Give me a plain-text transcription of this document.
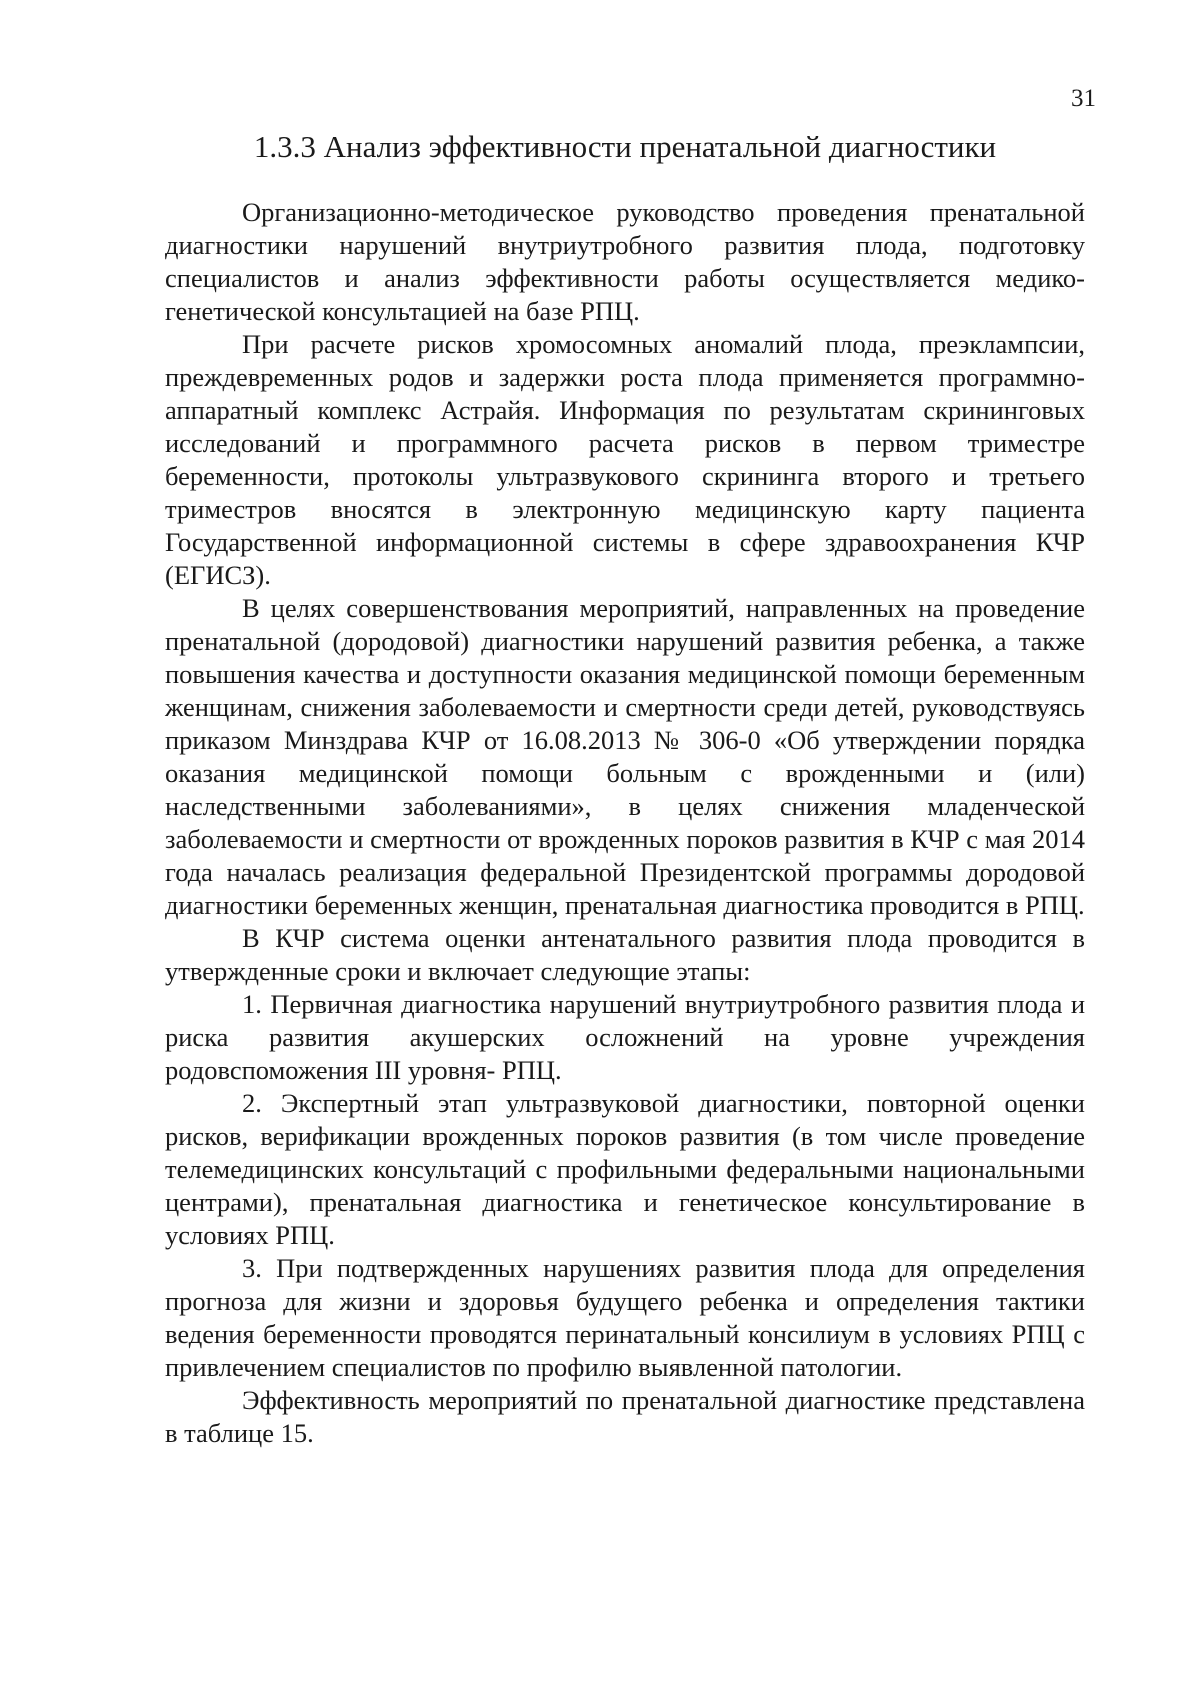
31
1.3.3 Анализ эффективности пренатальной диагностики

Организационно-методическое руководство проведения пренатальной диагностики нарушений внутриутробного развития плода, подготовку специалистов и анализ эффективности работы осуществляется медико-генетической консультацией на базе РПЦ.

При расчете рисков хромосомных аномалий плода, преэклампсии, преждевременных родов и задержки роста плода применяется программно-аппаратный комплекс Астрайя. Информация по результатам скрининговых исследований и программного расчета рисков в первом триместре беременности, протоколы ультразвукового скрининга второго и третьего триместров вносятся в электронную медицинскую карту пациента Государственной информационной системы в сфере здравоохранения КЧР (ЕГИСЗ).

В целях совершенствования мероприятий, направленных на проведение пренатальной (дородовой) диагностики нарушений развития ребенка, а также повышения качества и доступности оказания медицинской помощи беременным женщинам, снижения заболеваемости и смертности среди детей, руководствуясь приказом Минздрава КЧР от 16.08.2013 № 306-0 «Об утверждении порядка оказания медицинской помощи больным с врожденными и (или) наследственными заболеваниями», в целях снижения младенческой заболеваемости и смертности от врожденных пороков развития в КЧР с мая 2014 года началась реализация федеральной Президентской программы дородовой диагностики беременных женщин, пренатальная диагностика проводится в РПЦ.

В КЧР система оценки антенатального развития плода проводится в утвержденные сроки и включает следующие этапы:

1. Первичная диагностика нарушений внутриутробного развития плода и риска развития акушерских осложнений на уровне учреждения родовспоможения III уровня- РПЦ.

2. Экспертный этап ультразвуковой диагностики, повторной оценки рисков, верификации врожденных пороков развития (в том числе проведение телемедицинских консультаций с профильными федеральными национальными центрами), пренатальная диагностика и генетическое консультирование в условиях РПЦ.

3. При подтвержденных нарушениях развития плода для определения прогноза для жизни и здоровья будущего ребенка и определения тактики ведения беременности проводятся перинатальный консилиум в условиях РПЦ с привлечением специалистов по профилю выявленной патологии.

Эффективность мероприятий по пренатальной диагностике представлена в таблице 15.
